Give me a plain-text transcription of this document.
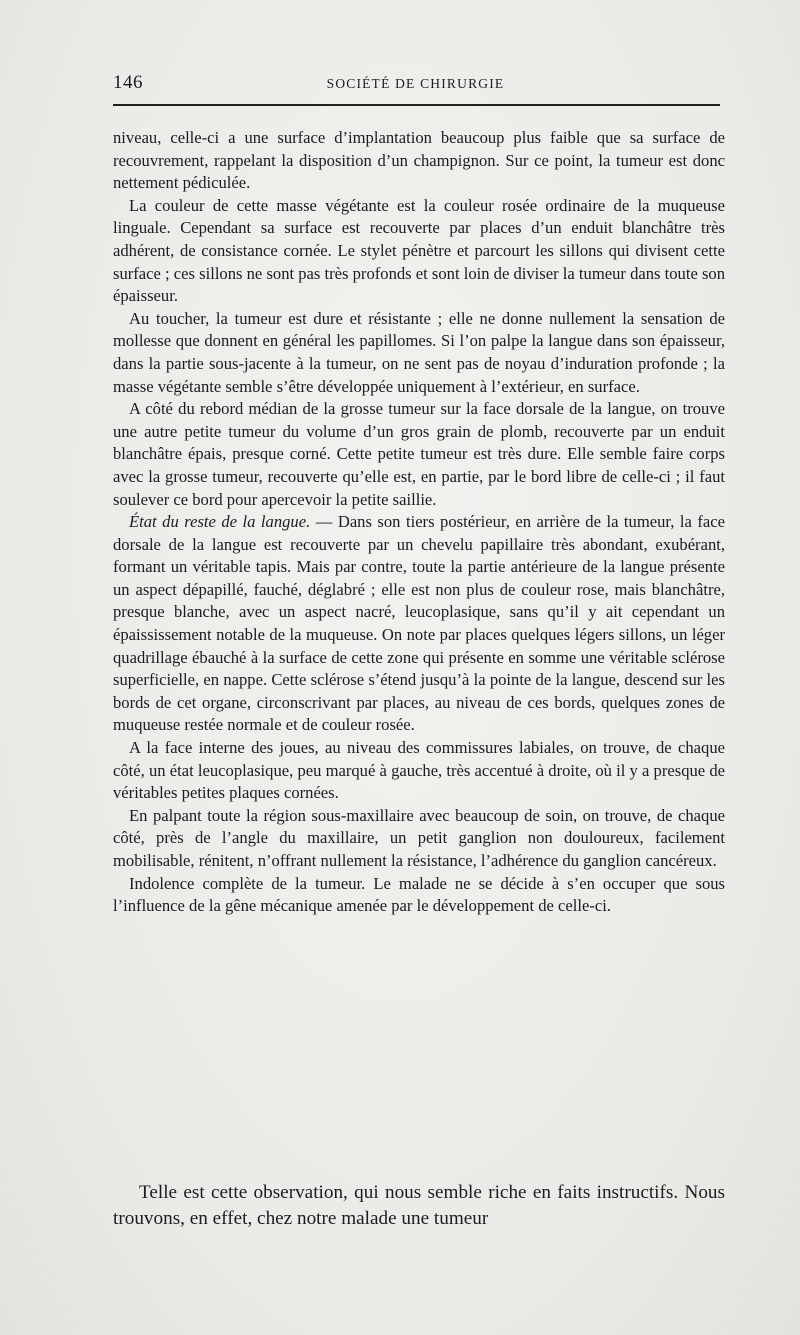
146	SOCIÉTÉ DE CHIRURGIE

niveau, celle-ci a une surface d’implantation beaucoup plus faible que sa surface de recouvrement, rappelant la disposition d’un champignon. Sur ce point, la tumeur est donc nettement pédiculée.

La couleur de cette masse végétante est la couleur rosée ordinaire de la muqueuse linguale. Cependant sa surface est recouverte par places d’un enduit blanchâtre très adhérent, de consistance cornée. Le stylet pénètre et parcourt les sillons qui divisent cette surface ; ces sillons ne sont pas très profonds et sont loin de diviser la tumeur dans toute son épaisseur.

Au toucher, la tumeur est dure et résistante ; elle ne donne nullement la sensation de mollesse que donnent en général les papillomes. Si l’on palpe la langue dans son épaisseur, dans la partie sous-jacente à la tumeur, on ne sent pas de noyau d’induration profonde ; la masse végétante semble s’être développée uniquement à l’extérieur, en surface.

A côté du rebord médian de la grosse tumeur sur la face dorsale de la langue, on trouve une autre petite tumeur du volume d’un gros grain de plomb, recouverte par un enduit blanchâtre épais, presque corné. Cette petite tumeur est très dure. Elle semble faire corps avec la grosse tumeur, recouverte qu’elle est, en partie, par le bord libre de celle-ci ; il faut soulever ce bord pour apercevoir la petite saillie.

État du reste de la langue. — Dans son tiers postérieur, en arrière de la tumeur, la face dorsale de la langue est recouverte par un chevelu papillaire très abondant, exubérant, formant un véritable tapis. Mais par contre, toute la partie antérieure de la langue présente un aspect dépapillé, fauché, déglabré ; elle est non plus de couleur rose, mais blanchâtre, presque blanche, avec un aspect nacré, leucoplasique, sans qu’il y ait cependant un épaississement notable de la muqueuse. On note par places quelques légers sillons, un léger quadrillage ébauché à la surface de cette zone qui présente en somme une véritable sclérose superficielle, en nappe. Cette sclérose s’étend jusqu’à la pointe de la langue, descend sur les bords de cet organe, circonscrivant par places, au niveau de ces bords, quelques zones de muqueuse restée normale et de couleur rosée.

A la face interne des joues, au niveau des commissures labiales, on trouve, de chaque côté, un état leucoplasique, peu marqué à gauche, très accentué à droite, où il y a presque de véritables petites plaques cornées.

En palpant toute la région sous-maxillaire avec beaucoup de soin, on trouve, de chaque côté, près de l’angle du maxillaire, un petit ganglion non douloureux, facilement mobilisable, rénitent, n’offrant nullement la résistance, l’adhérence du ganglion cancéreux.

Indolence complète de la tumeur. Le malade ne se décide à s’en occuper que sous l’influence de la gêne mécanique amenée par le développement de celle-ci.

Telle est cette observation, qui nous semble riche en faits instructifs. Nous trouvons, en effet, chez notre malade une tumeur
